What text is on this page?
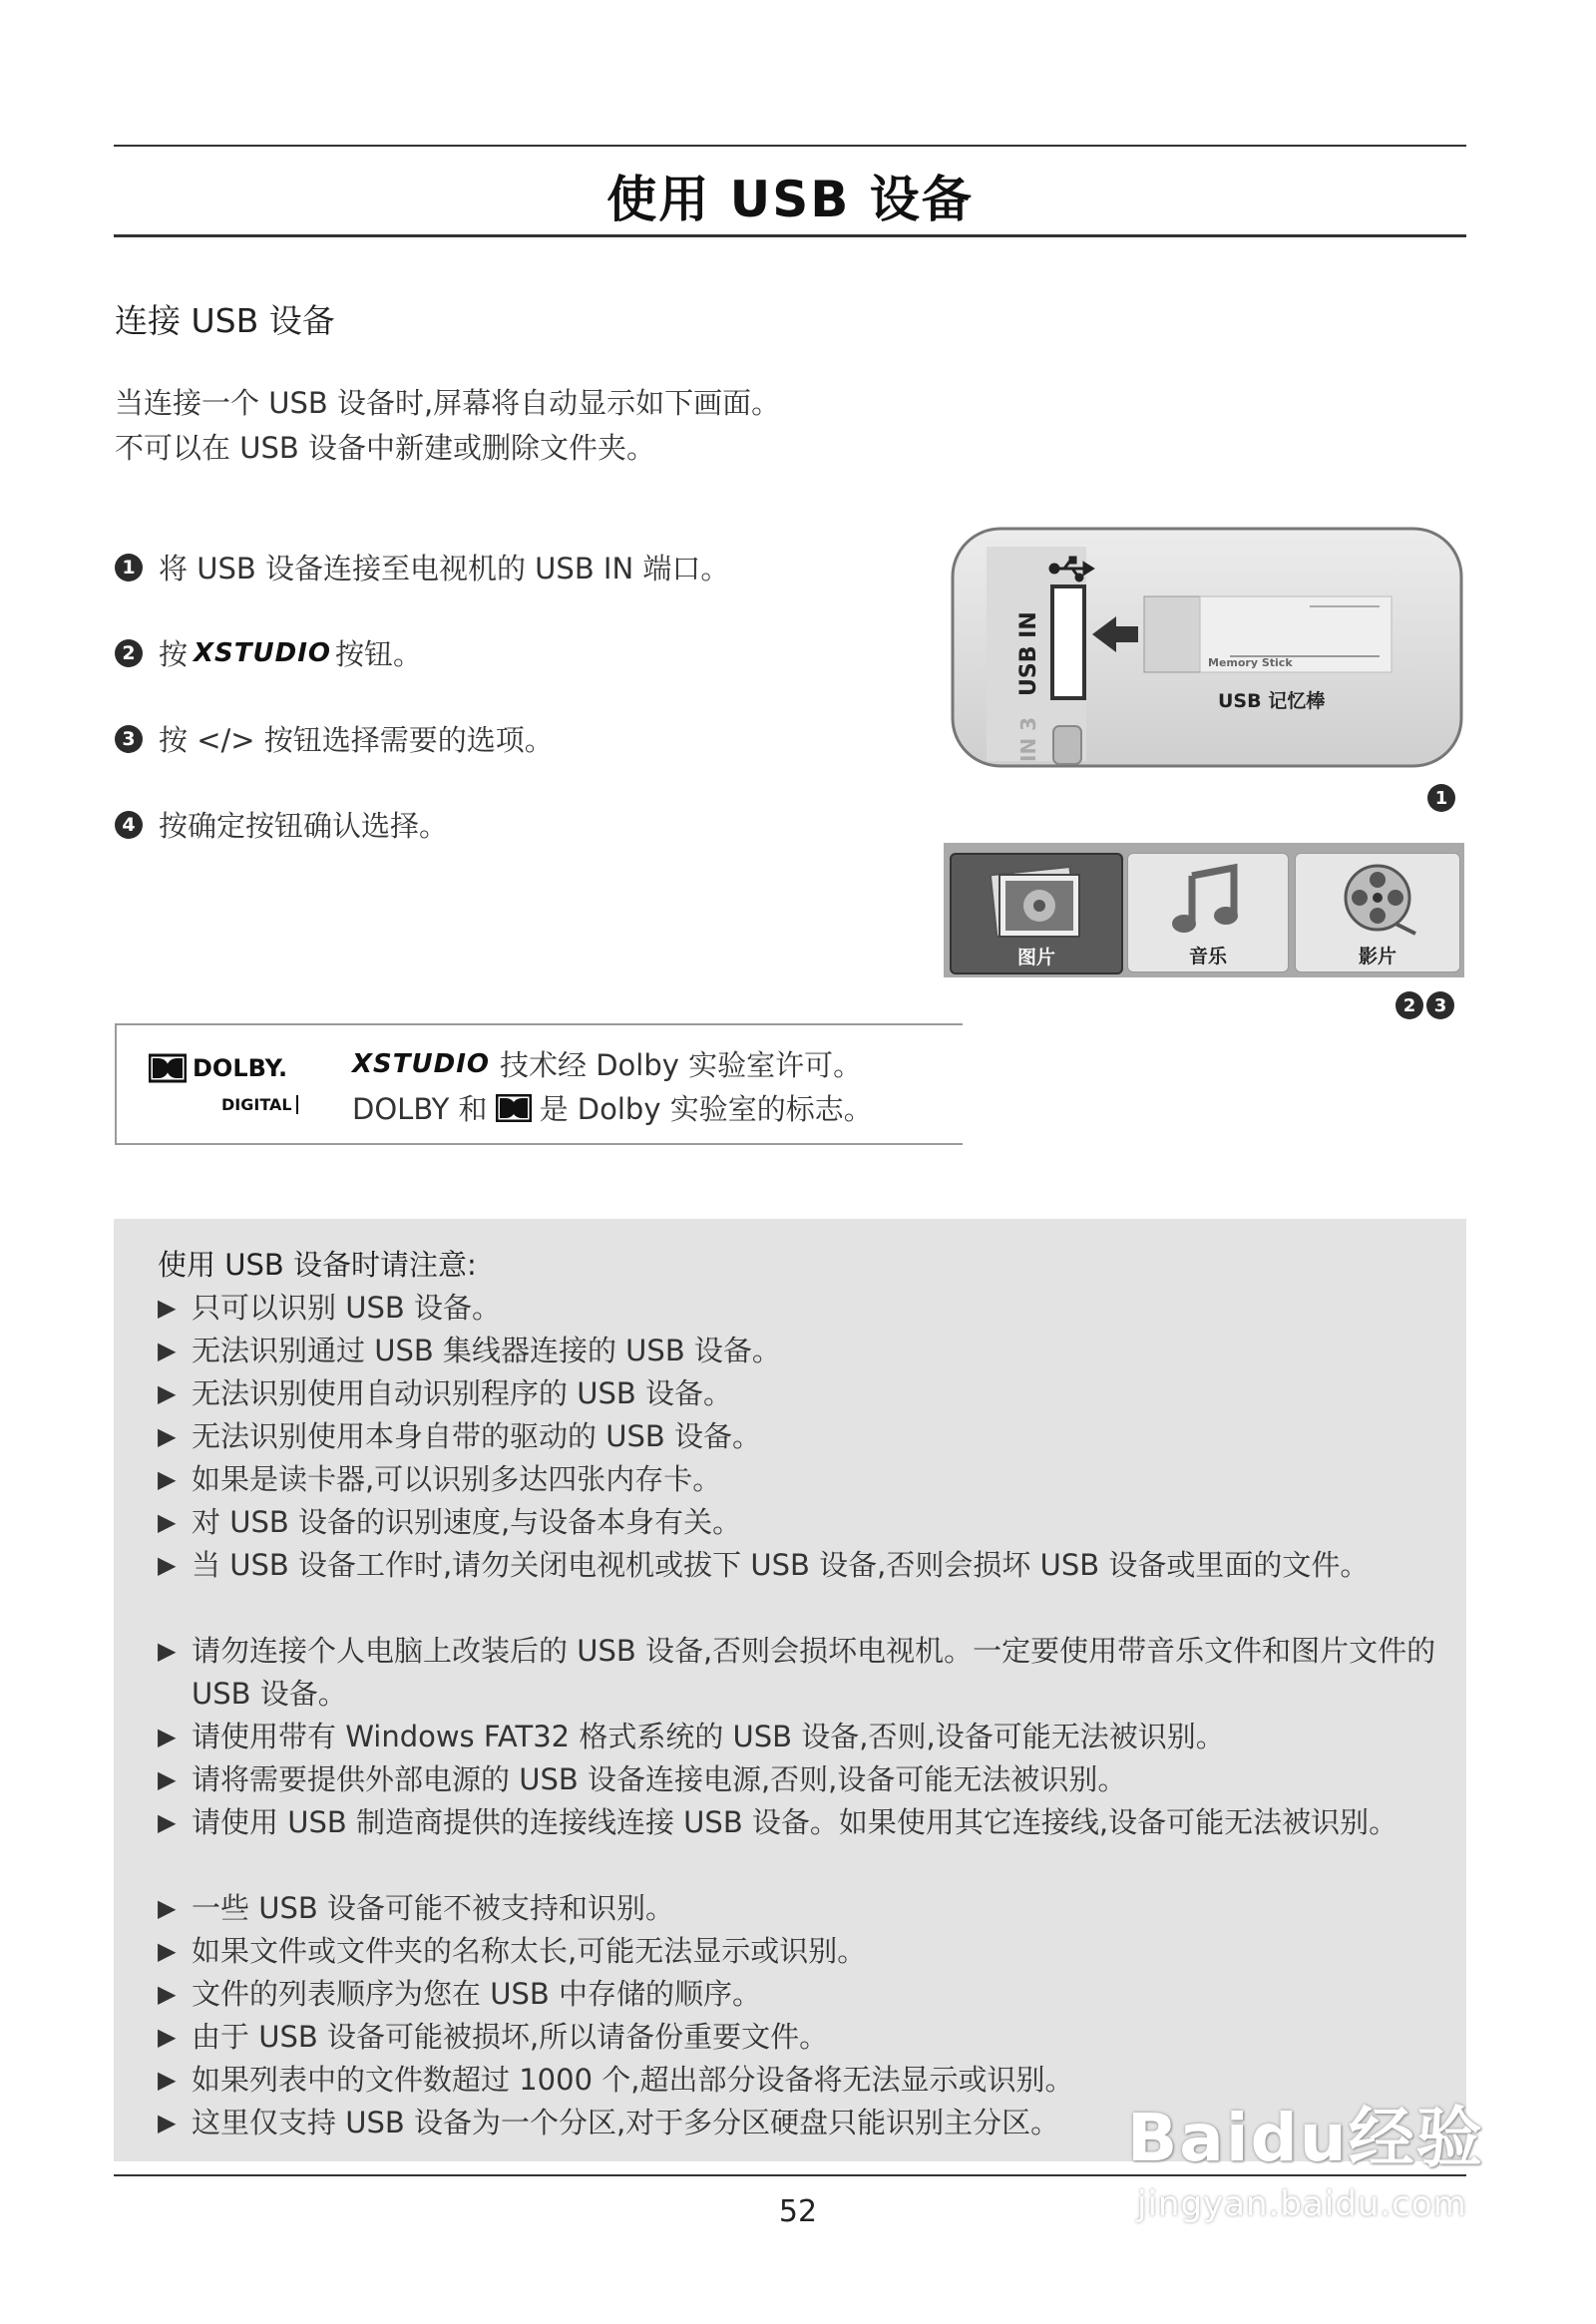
使用 USB 设备
连接 USB 设备
当连接一个 USB 设备时,屏幕将自动显示如下画面。
不可以在 USB 设备中新建或删除文件夹。
1 将 USB 设备连接至电视机的 USB IN 端口。
2 按 XSTUDIO 按钮。
3 按 </> 按钮选择需要的选项。
4 按确定按钮确认选择。
USB IN
IN 3
Memory Stick
USB 记忆棒
1
图片	音乐	影片
2 3
DOLBY.
DIGITAL
XSTUDIO 技术经 Dolby 实验室许可。
DOLBY 和 是 Dolby 实验室的标志。
使用 USB 设备时请注意:
▶ 只可以识别 USB 设备。
▶ 无法识别通过 USB 集线器连接的 USB 设备。
▶ 无法识别使用自动识别程序的 USB 设备。
▶ 无法识别使用本身自带的驱动的 USB 设备。
▶ 如果是读卡器,可以识别多达四张内存卡。
▶ 对 USB 设备的识别速度,与设备本身有关。
▶ 当 USB 设备工作时,请勿关闭电视机或拔下 USB 设备,否则会损坏 USB 设备或里面的文件。
▶ 请勿连接个人电脑上改装后的 USB 设备,否则会损坏电视机。一定要使用带音乐文件和图片文件的 USB 设备。
▶ 请使用带有 Windows FAT32 格式系统的 USB 设备,否则,设备可能无法被识别。
▶ 请将需要提供外部电源的 USB 设备连接电源,否则,设备可能无法被识别。
▶ 请使用 USB 制造商提供的连接线连接 USB 设备。如果使用其它连接线,设备可能无法被识别。
▶ 一些 USB 设备可能不被支持和识别。
▶ 如果文件或文件夹的名称太长,可能无法显示或识别。
▶ 文件的列表顺序为您在 USB 中存储的顺序。
▶ 由于 USB 设备可能被损坏,所以请备份重要文件。
▶ 如果列表中的文件数超过 1000 个,超出部分设备将无法显示或识别。
▶ 这里仅支持 USB 设备为一个分区,对于多分区硬盘只能识别主分区。
52
Baidu经验
jingyan.baidu.com
